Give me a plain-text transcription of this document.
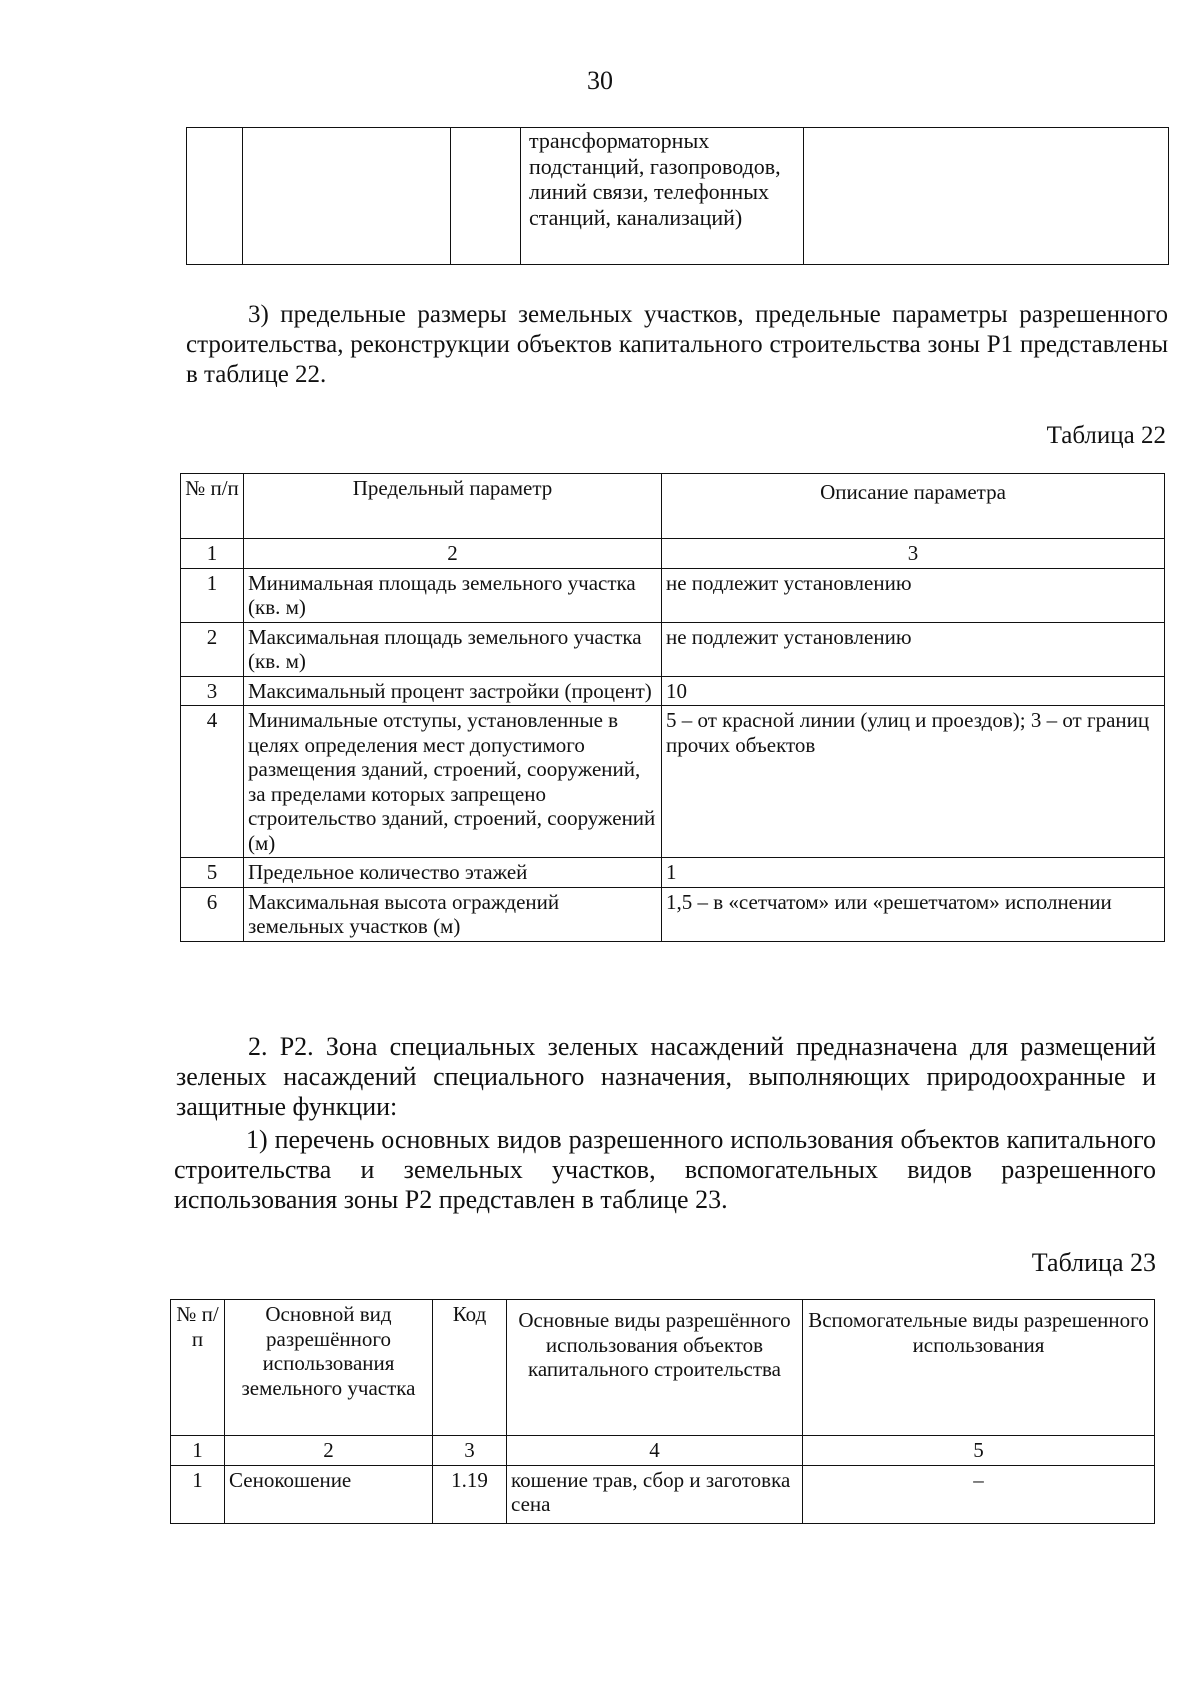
30
			трансформаторных подстанций, газопроводов, линий связи, телефонных станций, канализаций)	
3) предельные размеры земельных участков, предельные параметры разрешенного строительства, реконструкции объектов капитального строительства зоны Р1 представлены в таблице 22.
Таблица 22
№ п/п	Предельный параметр	Описание параметра
1	2	3
1	Минимальная площадь земельного участка (кв. м)	не подлежит установлению
2	Максимальная площадь земельного участка (кв. м)	не подлежит установлению
3	Максимальный процент застройки (процент)	10
4	Минимальные отступы, установленные в целях определения мест допустимого размещения зданий, строений, сооружений, за пределами которых запрещено строительство зданий, строений, сооружений (м)	5 – от красной линии (улиц и проездов); 3 – от границ прочих объектов
5	Предельное количество этажей	1
6	Максимальная высота ограждений земельных участков (м)	1,5 – в «сетчатом» или «решетчатом» исполнении
2. Р2. Зона специальных зеленых насаждений предназначена для размещений зеленых насаждений специального назначения, выполняющих природоохранные и защитные функции:
1) перечень основных видов разрешенного использования объектов капитального строительства и земельных участков, вспомогательных видов разрешенного использования зоны Р2 представлен в таблице 23.
Таблица 23
№ п/п	Основной вид разрешённого использования земельного участка	Код	Основные виды разрешённого использования объектов капитального строительства	Вспомогательные виды разрешенного использования
1	2	3	4	5
1	Сенокошение	1.19	кошение трав, сбор и заготовка сена	–
